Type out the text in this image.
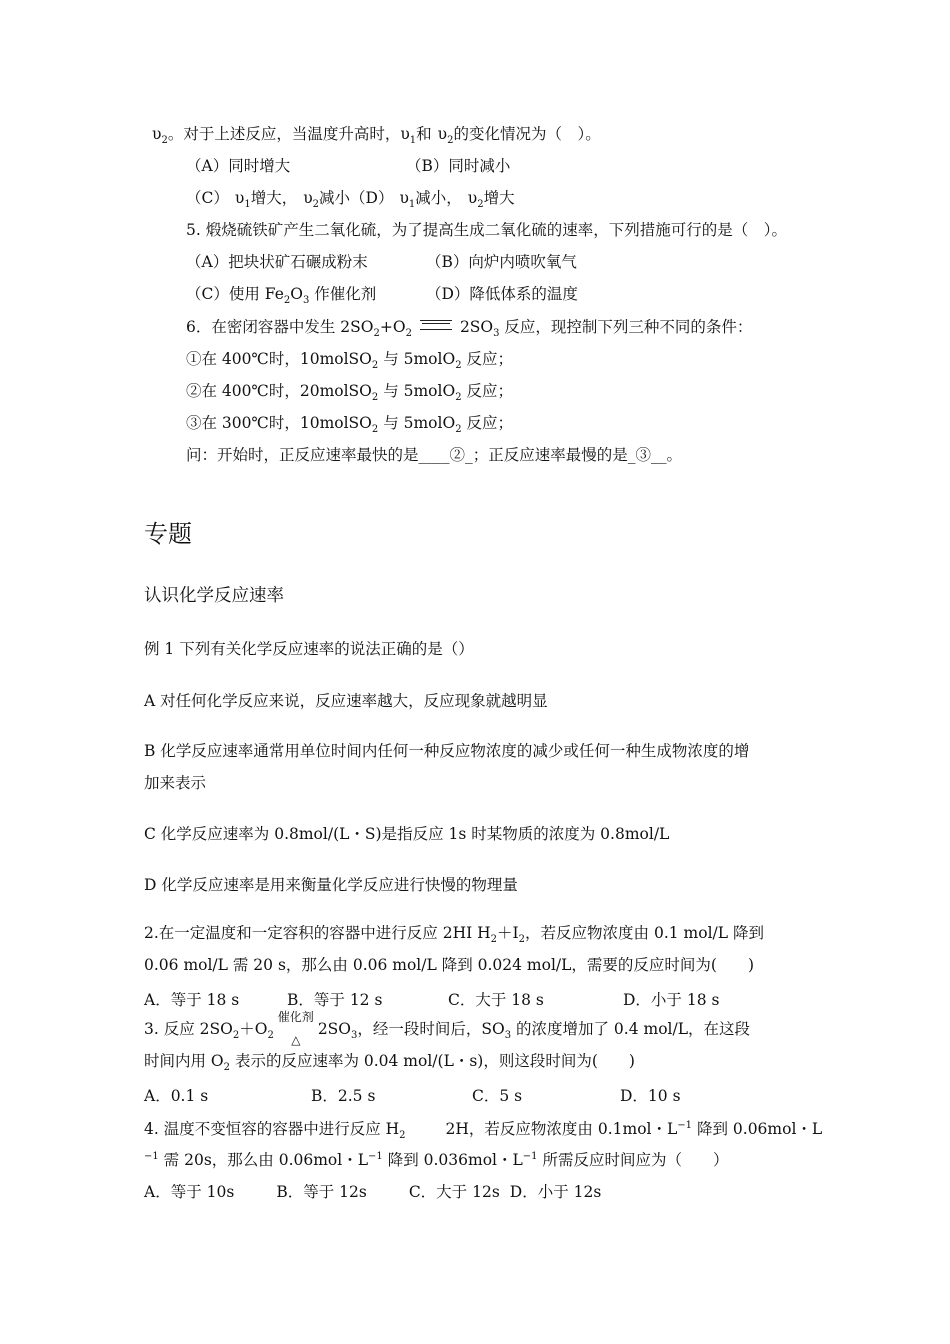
$\upsilon_2$。对于上述反应，当温度升高时，$\upsilon_1$和 $\upsilon_2$的变化情况为（　）。
（A）同时增大	（B）同时减小
（C） $\upsilon_1$增大， $\upsilon_2$减小（D） $\upsilon_1$减小， $\upsilon_2$增大
5. 煅烧硫铁矿产生二氧化硫，为了提高生成二氧化硫的速率，下列措施可行的是（　）。
（A）把块状矿石碾成粉末	（B）向炉内喷吹氧气
（C）使用 $Fe_2O_3$ 作催化剂	（D）降低体系的温度
6．在密闭容器中发生 $2SO_2+O_2$	$2SO_3$ 反应，现控制下列三种不同的条件：
①在 400℃时，10molSO$_2$ 与 5molO$_2$ 反应；
②在 400℃时，20molSO$_2$ 与 5molO$_2$ 反应；
③在 300℃时，10molSO$_2$ 与 5molO$_2$ 反应；
问：开始时，正反应速率最快的是____②_；正反应速率最慢的是_③__。
专题
认识化学反应速率
例 1 下列有关化学反应速率的说法正确的是（）
A 对任何化学反应来说，反应速率越大，反应现象就越明显
B 化学反应速率通常用单位时间内任何一种反应物浓度的减少或任何一种生成物浓度的增
加来表示
C 化学反应速率为 0.8mol/(L・S)是指反应 1s 时某物质的浓度为 0.8mol/L
D 化学反应速率是用来衡量化学反应进行快慢的物理量
2.在一定温度和一定容积的容器中进行反应 2HI $H_2+I_2$，若反应物浓度由 0.1 mol/L 降到
0.06 mol/L 需 20 s，那么由 0.06 mol/L 降到 0.024 mol/L，需要的反应时间为(　　)
A．等于 18 s	B．等于 12 s	C．大于 18 s	D．小于 18 s
3. 反应 $2SO_2+O_2$
催化剂
△
$2SO_3$，经一段时间后，$SO_3$ 的浓度增加了 0.4 mol/L，在这段
时间内用 $O_2$ 表示的反应速率为 0.04 mol/(L・s)，则这段时间为(　　)
A．0.1 s	B．2.5 s	C．5 s	D．10 s
4. 温度不变恒容的容器中进行反应 $H_2$	2H，若反应物浓度由 0.1mol・$L^{-1}$ 降到 0.06mol・L
$^{-1}$ 需 20s，那么由 0.06mol・$L^{-1}$ 降到 0.036mol・$L^{-1}$ 所需反应时间应为（　　）
A．等于 10s	B．等于 12s	C．大于 12s D．小于 12s
